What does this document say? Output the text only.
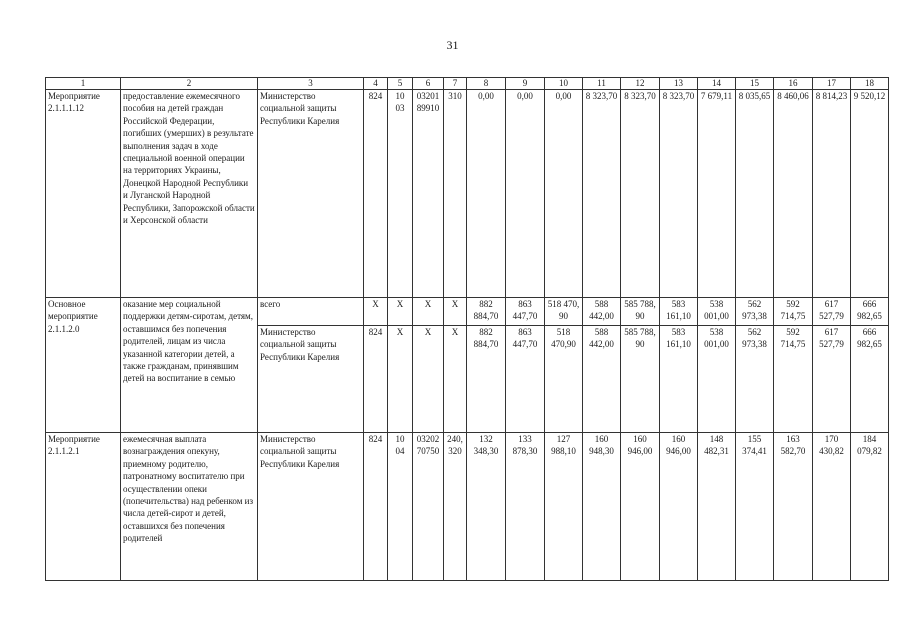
31
1	2	3	4	5	6	7	8	9	10	11	12	13	14	15	16	17	18
Мероприятие 2.1.1.1.12	предоставление ежемесячного пособия на детей граждан Российской Федерации, погибших (умерших) в результате выполнения задач в ходе специальной военной операции на территориях Украины, Донецкой Народной Республики и Луганской Народной Республики, Запорожской области и Херсонской области	Министерство социальной защиты Республики Карелия	824	10 03	03201 89910	310	0,00	0,00	0,00	8 323,70	8 323,70	8 323,70	7 679,11	8 035,65	8 460,06	8 814,23	9 520,12
Основное мероприятие 2.1.1.2.0	оказание мер социальной поддержки детям-сиротам, детям, оставшимся без попечения родителей, лицам из числа указанной категории детей, а также гражданам, принявшим детей на воспитание в семью	всего	Х	Х	Х	Х	882 884,70	863 447,70	518 470, 90	588 442,00	585 788, 90	583 161,10	538 001,00	562 973,38	592 714,75	617 527,79	666 982,65
		Министерство социальной защиты Республики Карелия	824	Х	Х	Х	882 884,70	863 447,70	518 470,90	588 442,00	585 788, 90	583 161,10	538 001,00	562 973,38	592 714,75	617 527,79	666 982,65
Мероприятие 2.1.1.2.1	ежемесячная выплата вознаграждения опекуну, приемному родителю, патронатному воспитателю при осуществлении опеки (попечительства) над ребенком из числа детей-сирот и детей, оставшихся без попечения родителей	Министерство социальной защиты Республики Карелия	824	10 04	03202 70750	240, 320	132 348,30	133 878,30	127 988,10	160 948,30	160 946,00	160 946,00	148 482,31	155 374,41	163 582,70	170 430,82	184 079,82
